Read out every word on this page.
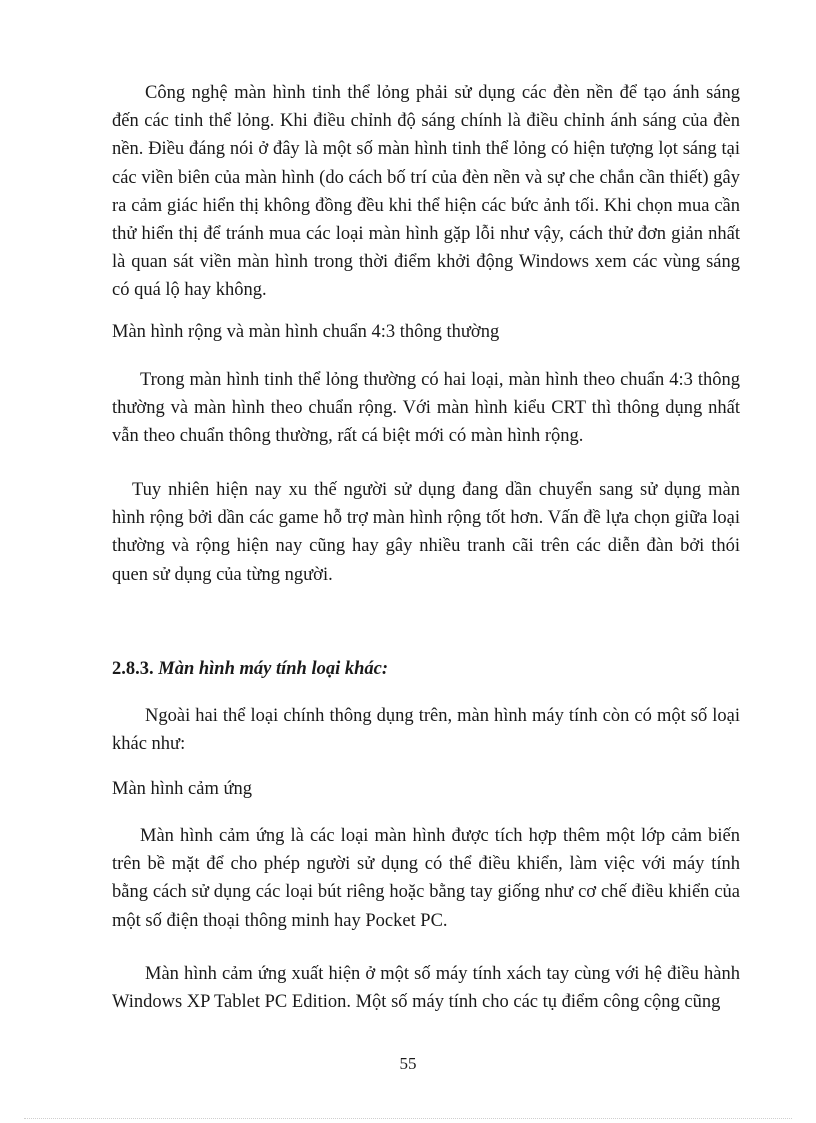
Công nghệ màn hình tinh thể lỏng phải sử dụng các đèn nền để tạo ánh sáng đến các tinh thể lỏng. Khi điều chỉnh độ sáng chính là điều chỉnh ánh sáng của đèn nền. Điều đáng nói ở đây là một số màn hình tinh thể lỏng có hiện tượng lọt sáng tại các viền biên của màn hình (do cách bố trí của đèn nền và sự che chắn cần thiết) gây ra cảm giác hiển thị không đồng đều khi thể hiện các bức ảnh tối. Khi chọn mua cần thử hiển thị để tránh mua các loại màn hình gặp lỗi như vậy, cách thử đơn giản nhất là quan sát viền màn hình trong thời điểm khởi động Windows xem các vùng sáng có quá lộ hay không.

Màn hình rộng và màn hình chuẩn 4:3 thông thường

Trong màn hình tinh thể lỏng thường có hai loại, màn hình theo chuẩn 4:3 thông thường và màn hình theo chuẩn rộng. Với màn hình kiểu CRT thì thông dụng nhất vẫn theo chuẩn thông thường, rất cá biệt mới có màn hình rộng.

Tuy nhiên hiện nay xu thế người sử dụng đang dần chuyển sang sử dụng màn hình rộng bởi dần các game hỗ trợ màn hình rộng tốt hơn. Vấn đề lựa chọn giữa loại thường và rộng hiện nay cũng hay gây nhiều tranh cãi trên các diễn đàn bởi thói quen sử dụng của từng người.

2.8.3. Màn hình máy tính loại khác:

Ngoài hai thể loại chính thông dụng trên, màn hình máy tính còn có một số loại khác như:

Màn hình cảm ứng

Màn hình cảm ứng là các loại màn hình được tích hợp thêm một lớp cảm biến trên bề mặt để cho phép người sử dụng có thể điều khiển, làm việc với máy tính bằng cách sử dụng các loại bút riêng hoặc bằng tay giống như cơ chế điều khiển của một số điện thoại thông minh hay Pocket PC.

Màn hình cảm ứng xuất hiện ở một số máy tính xách tay cùng với hệ điều hành Windows XP Tablet PC Edition. Một số máy tính cho các tụ điểm công cộng cũng

55
